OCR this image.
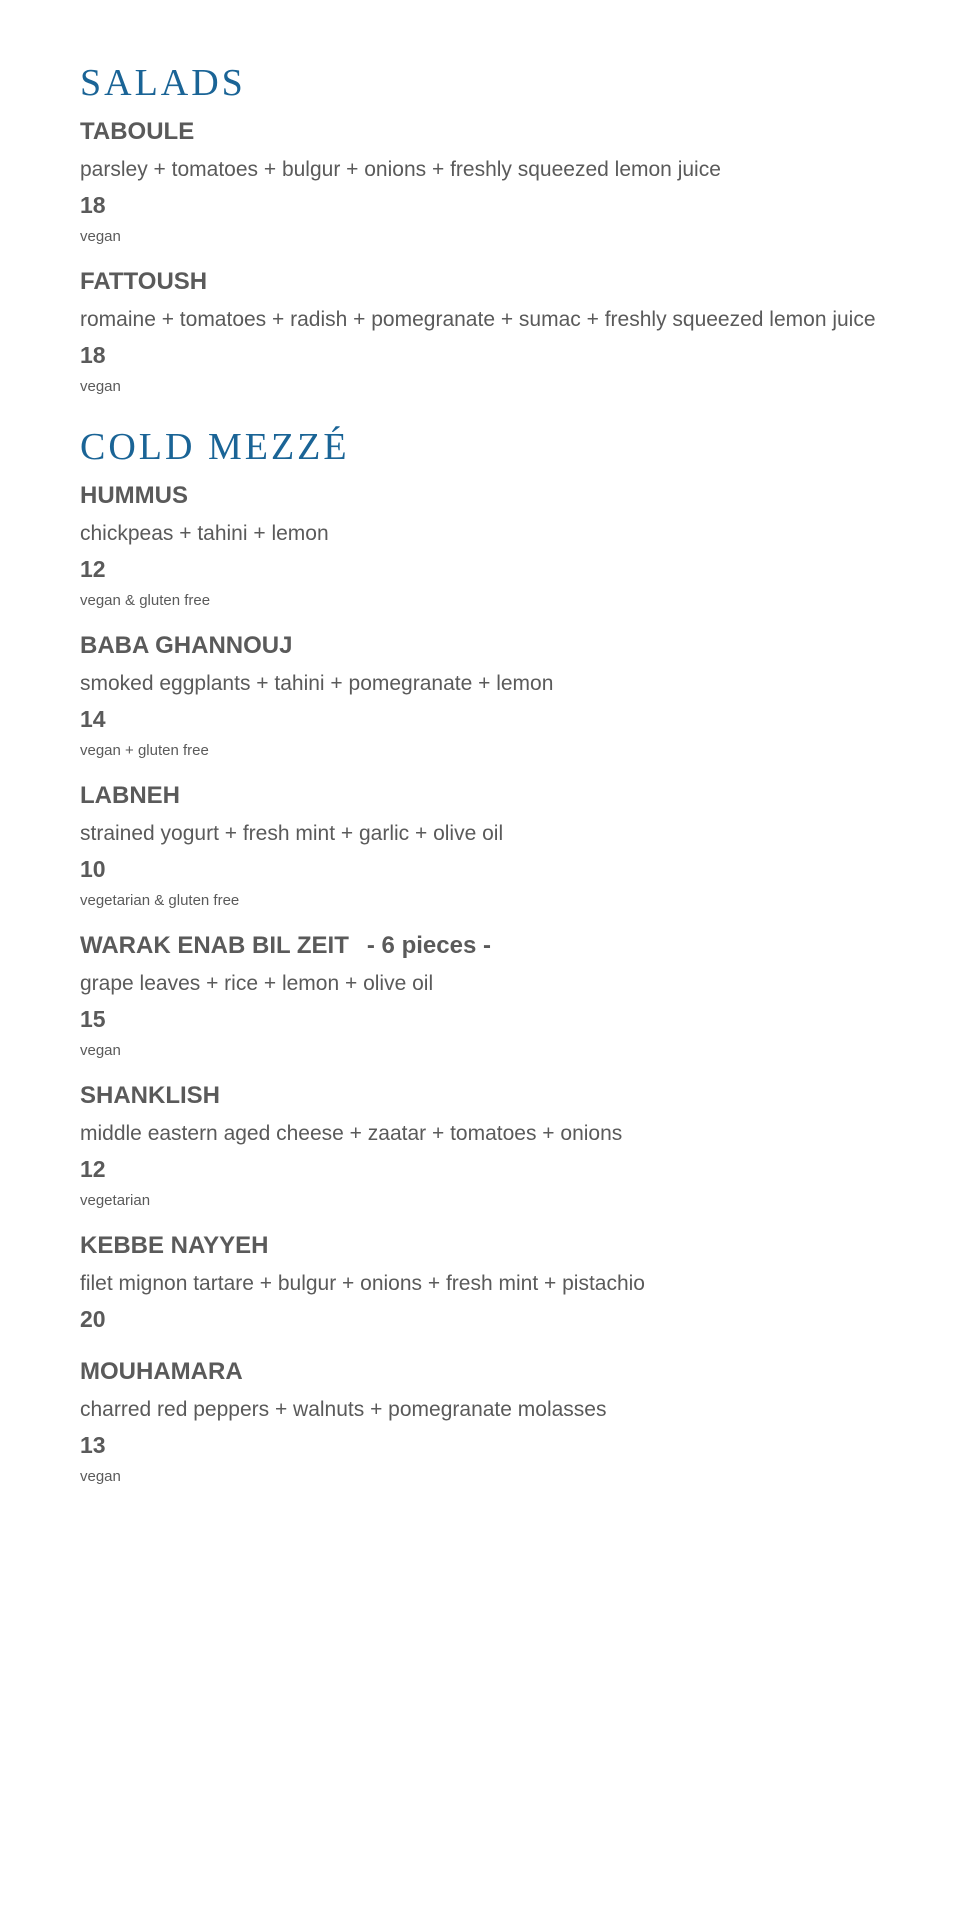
SALADS
TABOULE
parsley + tomatoes + bulgur + onions + freshly squeezed lemon juice
18
vegan
FATTOUSH
romaine + tomatoes + radish + pomegranate + sumac + freshly squeezed lemon juice
18
vegan
COLD MEZZÉ
HUMMUS
chickpeas + tahini + lemon
12
vegan & gluten free
BABA GHANNOUJ
smoked eggplants + tahini + pomegranate + lemon
14
vegan + gluten free
LABNEH
strained yogurt + fresh mint + garlic + olive oil
10
vegetarian & gluten free
WARAK ENAB BIL ZEIT - 6 pieces -
grape leaves + rice + lemon + olive oil
15
vegan
SHANKLISH
middle eastern aged cheese + zaatar + tomatoes + onions
12
vegetarian
KEBBE NAYYEH
filet mignon tartare + bulgur + onions + fresh mint + pistachio
20
MOUHAMARA
charred red peppers + walnuts + pomegranate molasses
13
vegan
